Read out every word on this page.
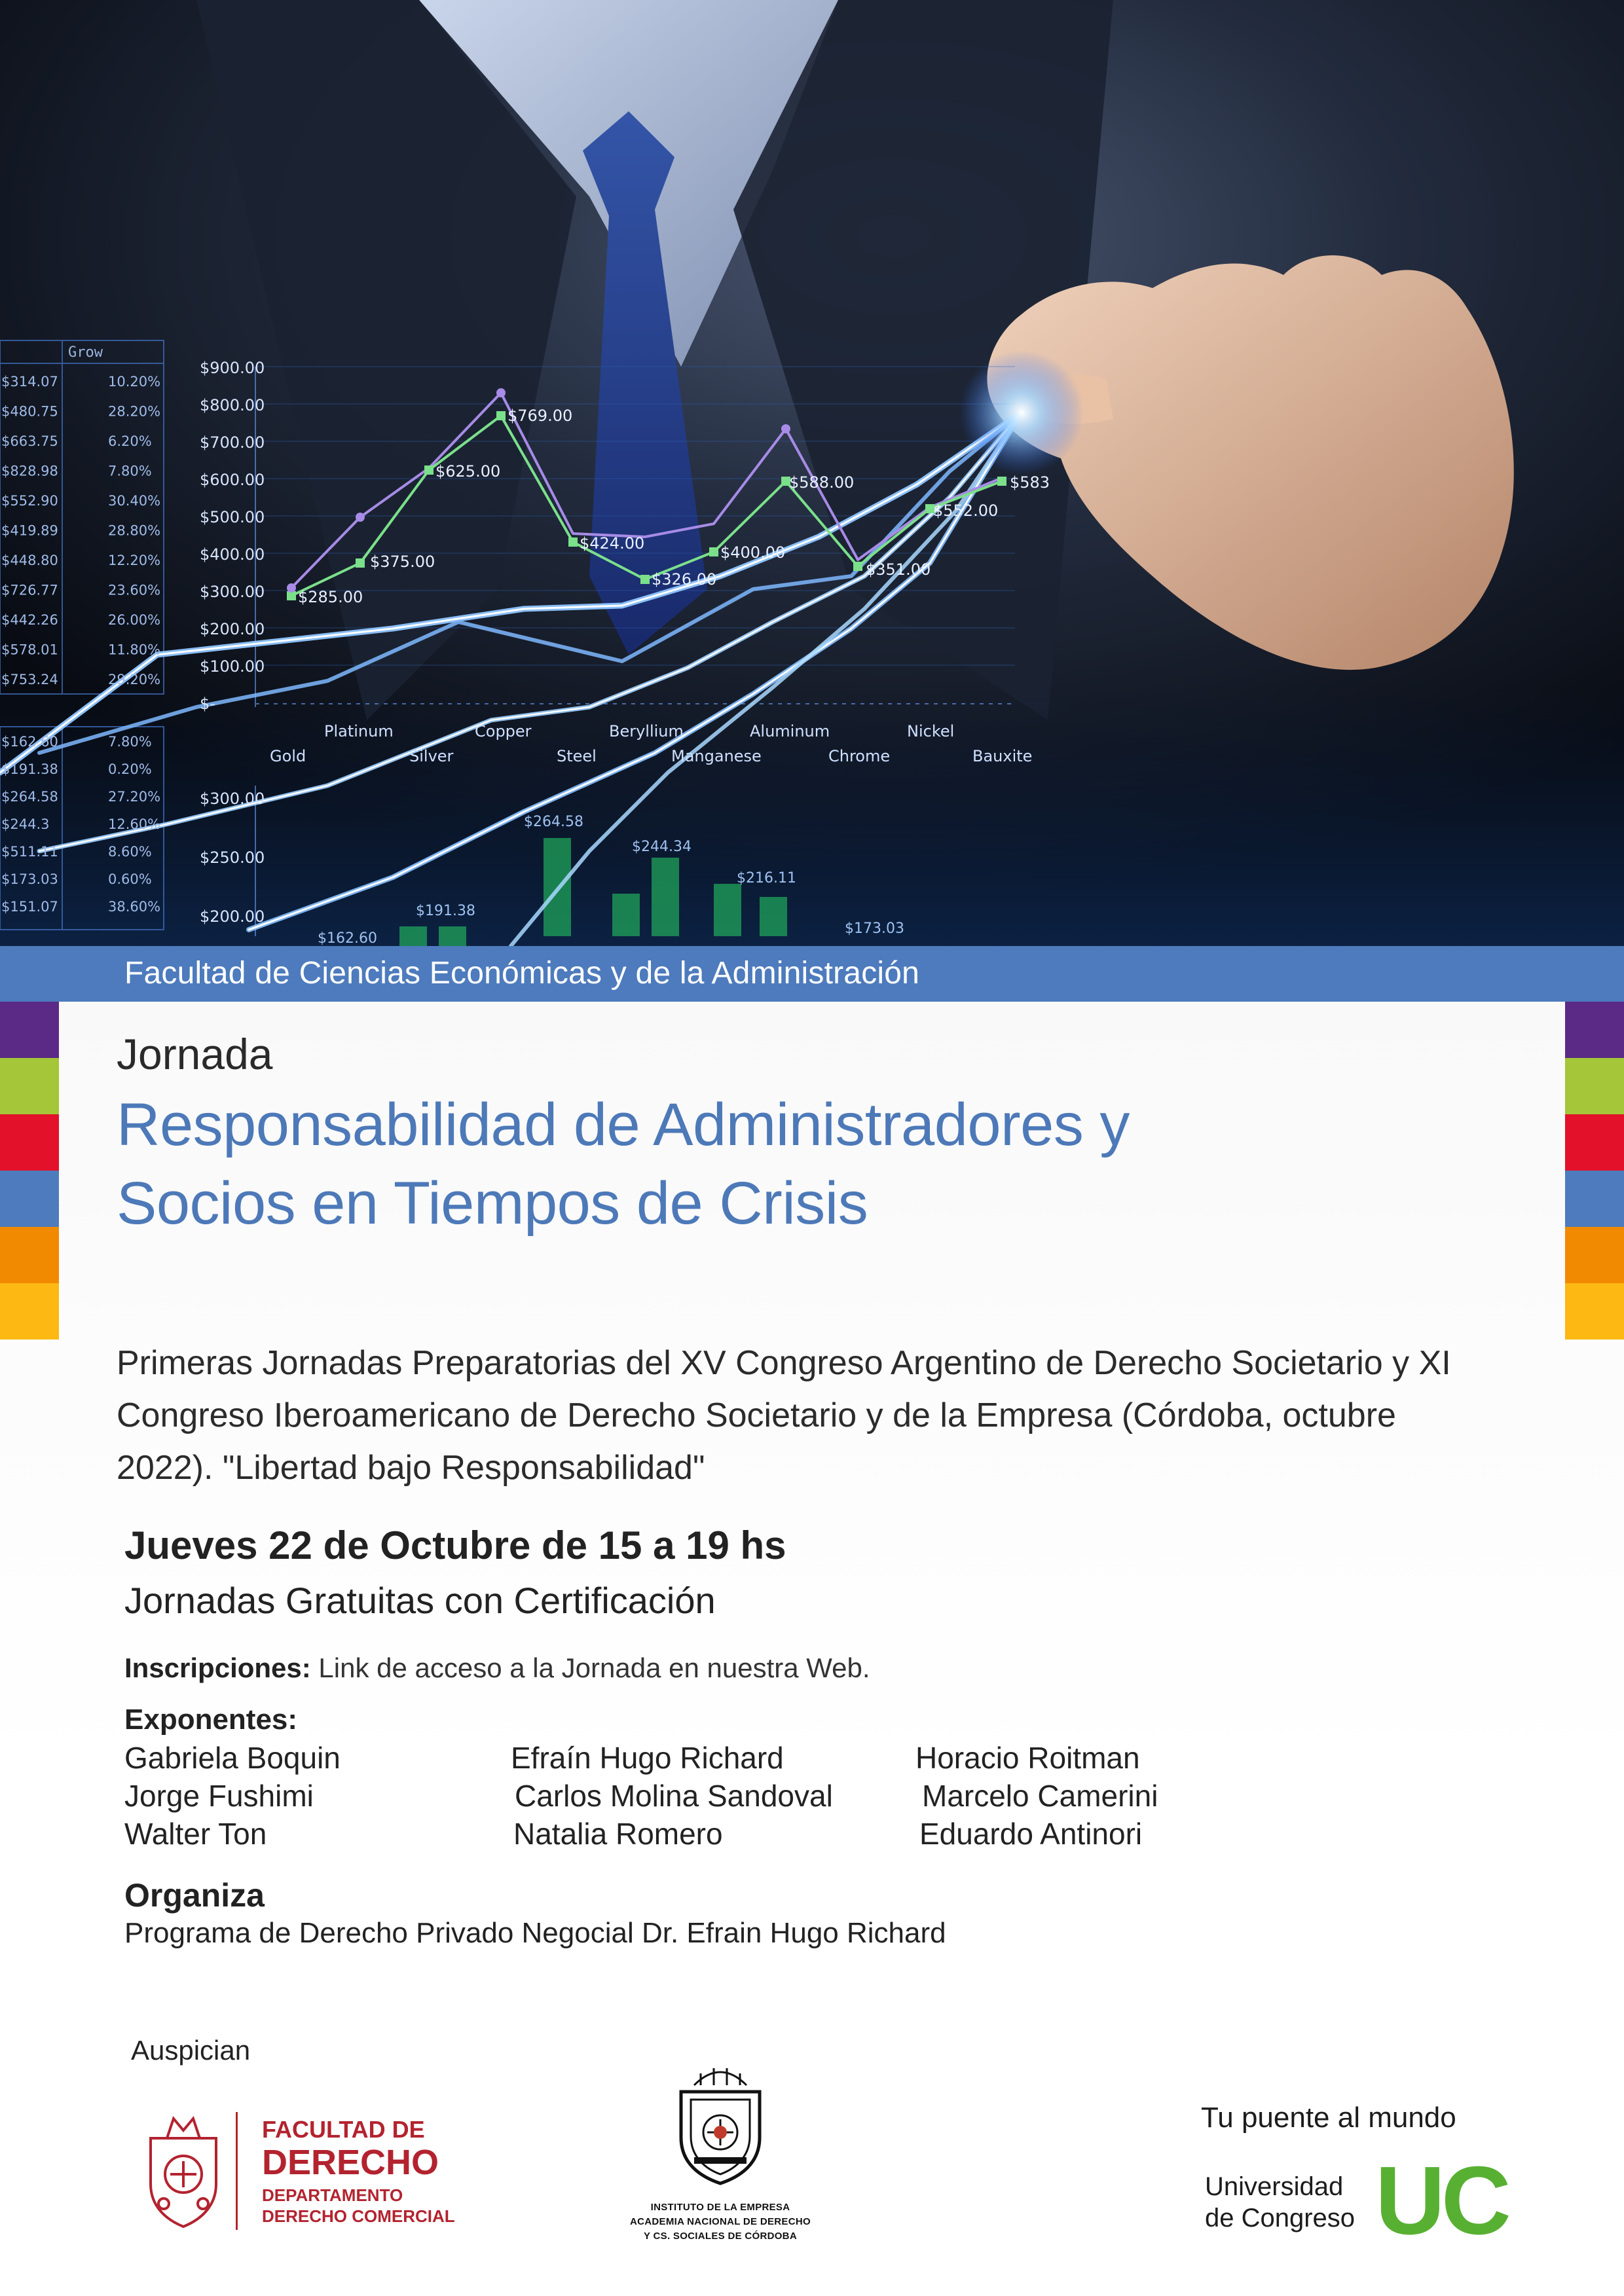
Grow
$314.07	10.20%
$480.75	28.20%
$663.75	6.20%
$828.98	7.80%
$552.90	30.40%
$419.89	28.80%
$448.80	12.20%
$726.77	23.60%
$442.26	26.00%
$578.01	11.80%
$753.24	29.20%
$162.60	7.80%
$191.38	0.20%
$264.58	27.20%
$244.3	12.60%
$511.11	8.60%
$173.03	0.60%
$151.07	38.60%
$900.00
$800.00
$700.00
$600.00
$500.00
$400.00
$300.00
$200.00
$100.00
$-
$300.00
$250.00
$200.00
Platinum	Copper	Beryllium	Aluminum	Nickel
Gold	Silver	Steel	Manganese	Chrome	Bauxite
$769.00
$625.00
$375.00
$285.00
$424.00
$326.00
$400.00
$588.00
$351.00
$552.00
$583
$264.58
$244.34
$216.11
$191.38
$173.03
$162.60
Facultad de Ciencias Económicas y de la Administración
Jornada
Responsabilidad de Administradores y
Socios en Tiempos de Crisis
Primeras Jornadas Preparatorias del XV Congreso Argentino de Derecho Societario y XI
Congreso Iberoamericano de Derecho Societario y de la Empresa (Córdoba, octubre
2022). "Libertad bajo Responsabilidad"
Jueves 22 de Octubre de 15 a 19 hs
Jornadas Gratuitas con Certificación
Inscripciones: Link de acceso a la Jornada en nuestra Web.
Exponentes:
Gabriela Boquin	Efraín Hugo Richard	Horacio Roitman
Jorge Fushimi	Carlos Molina Sandoval	Marcelo Camerini
Walter Ton	Natalia Romero	Eduardo Antinori
Organiza
Programa de Derecho Privado Negocial Dr. Efrain Hugo Richard
Auspician
FACULTAD DE
DERECHO
DEPARTAMENTO
DERECHO COMERCIAL	INSTITUTO DE LA EMPRESA
ACADEMIA NACIONAL DE DERECHO
Y CS. SOCIALES DE CÓRDOBA
Tu puente al mundo
Universidad
de Congreso UC
